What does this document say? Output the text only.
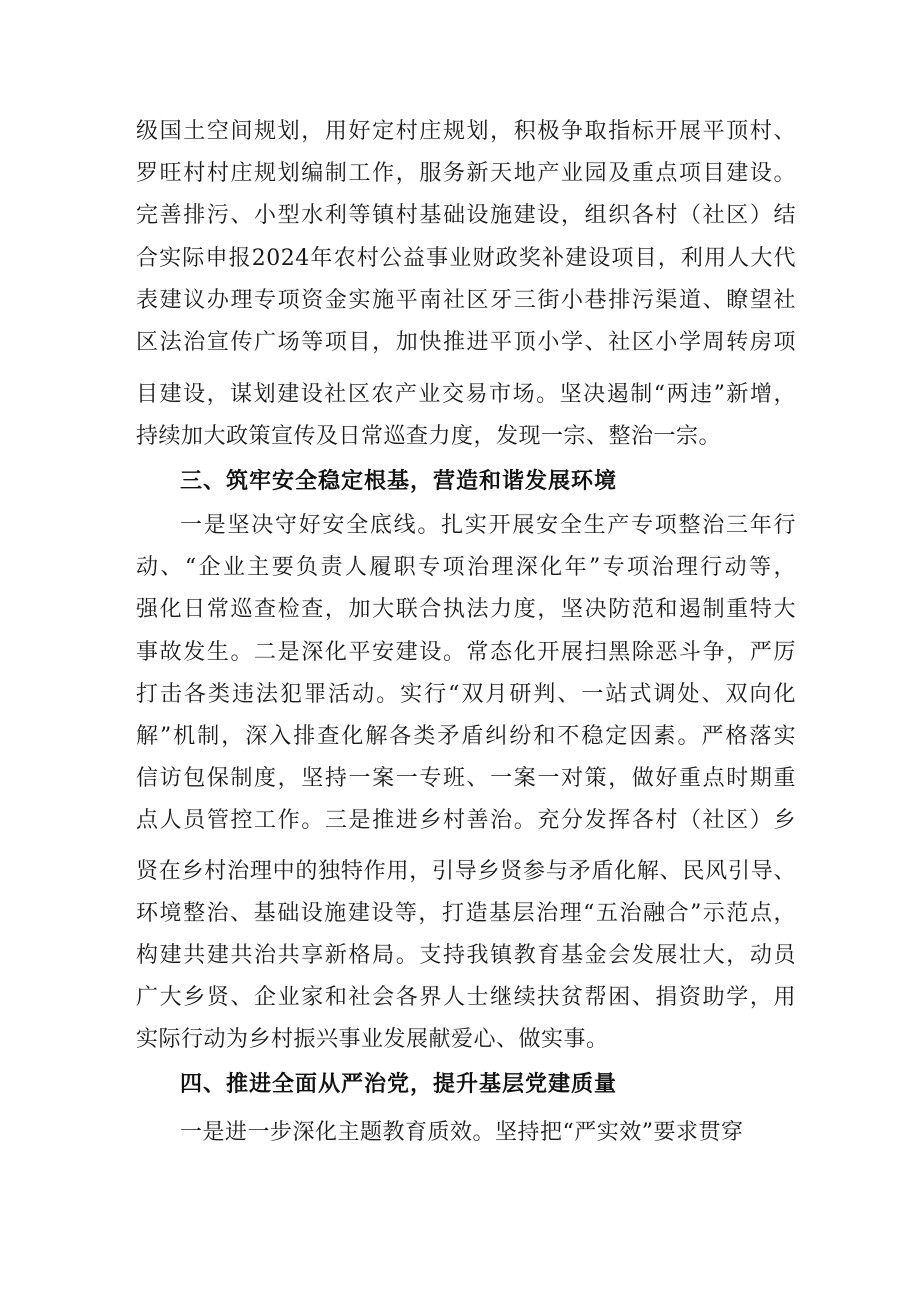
级国土空间规划，用好定村庄规划，积极争取指标开展平顶村、
罗旺村村庄规划编制工作，服务新天地产业园及重点项目建设。
完善排污、小型水利等镇村基础设施建设，组织各村（社区）结
合实际申报2024年农村公益事业财政奖补建设项目，利用人大代
表建议办理专项资金实施平南社区牙三街小巷排污渠道、瞭望社
区法治宣传广场等项目，加快推进平顶小学、社区小学周转房项
目建设，谋划建设社区农产业交易市场。坚决遏制“两违”新增，
持续加大政策宣传及日常巡查力度，发现一宗、整治一宗。
三、筑牢安全稳定根基，营造和谐发展环境
一是坚决守好安全底线。扎实开展安全生产专项整治三年行
动、“企业主要负责人履职专项治理深化年”专项治理行动等，
强化日常巡查检查，加大联合执法力度，坚决防范和遏制重特大
事故发生。二是深化平安建设。常态化开展扫黑除恶斗争，严厉
打击各类违法犯罪活动。实行“双月研判、一站式调处、双向化
解”机制，深入排查化解各类矛盾纠纷和不稳定因素。严格落实
信访包保制度，坚持一案一专班、一案一对策，做好重点时期重
点人员管控工作。三是推进乡村善治。充分发挥各村（社区）乡
贤在乡村治理中的独特作用，引导乡贤参与矛盾化解、民风引导、
环境整治、基础设施建设等，打造基层治理“五治融合”示范点，
构建共建共治共享新格局。支持我镇教育基金会发展壮大，动员
广大乡贤、企业家和社会各界人士继续扶贫帮困、捐资助学，用
实际行动为乡村振兴事业发展献爱心、做实事。
四、推进全面从严治党，提升基层党建质量
一是进一步深化主题教育质效。坚持把“严实效”要求贯穿
